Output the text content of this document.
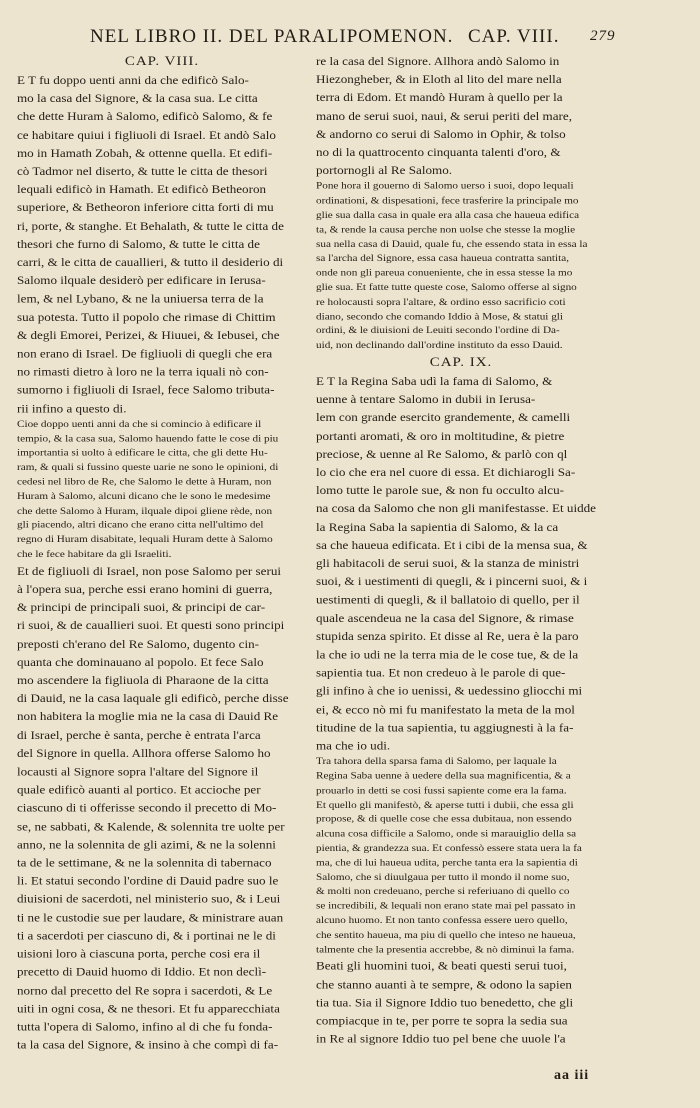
NEL LIBRO II. DEL PARALIPOMENON. CAP. VIII. 279
CAP. VIII.
E T fu doppo uenti anni da che edificò Salo-
mo la casa del Signore, & la casa sua. Le citta
che dette Huram à Salomo, edificò Salomo, & fe
ce habitare quiui i figliuoli di Israel. Et andò Salo
mo in Hamath Zobah, & ottenne quella. Et edifi-
cò Tadmor nel diserto, & tutte le citta de thesori
lequali edificò in Hamath. Et edificò Betheoron
superiore, & Betheoron inferiore citta forti di mu
ri, porte, & stanghe. Et Behalath, & tutte le citta de
thesori che furno di Salomo, & tutte le citta de
carri, & le citta de cauallieri, & tutto il desiderio di
Salomo ilquale desiderò per edificare in Ierusa-
lem, & nel Lybano, & ne la uniuersa terra de la
sua potesta. Tutto il popolo che rimase di Chittim
& degli Emorei, Perizei, & Hiuuei, & Iebusei, che
non erano di Israel. De figliuoli di quegli che era
no rimasti dietro à loro ne la terra iquali nò con-
sumorno i figliuoli di Israel, fece Salomo tributa-
rii infino a questo di.
Cioe doppo uenti anni da che si comincio à edificare il
tempio, & la casa sua, Salomo hauendo fatte le cose di piu
importantia si uolto à edificare le citta, che gli dette Hu-
ram, & quali si fussino queste uarie ne sono le opinioni, di
cedesi nel libro de Re, che Salomo le dette à Huram, non
Huram à Salomo, alcuni dicano che le sono le medesime
che dette Salomo à Huram, ilquale dipoi gliene rède, non
gli piacendo, altri dicano che erano citta nell'ultimo del
regno di Huram disabitate, lequali Huram dette à Salomo
che le fece habitare da gli Israeliti.
Et de figliuoli di Israel, non pose Salomo per serui
à l'opera sua, perche essi erano homini di guerra,
& principi de principali suoi, & principi de car-
ri suoi, & de cauallieri suoi. Et questi sono principi
preposti ch'erano del Re Salomo, dugento cin-
quanta che dominauano al popolo. Et fece Salo
mo ascendere la figliuola di Pharaone de la citta
di Dauid, ne la casa laquale gli edificò, perche disse
non habitera la moglie mia ne la casa di Dauid Re
di Israel, perche è santa, perche è entrata l'arca
del Signore in quella. Allhora offerse Salomo ho
locausti al Signore sopra l'altare del Signore il
quale edificò auanti al portico. Et accioche per
ciascuno di ti offerisse secondo il precetto di Mo-
se, ne sabbati, & Kalende, & solennita tre uolte per
anno, ne la solennita de gli azimi, & ne la solenni
ta de le settimane, & ne la solennita di tabernaco
li. Et statui secondo l'ordine di Dauid padre suo le
diuisioni de sacerdoti, nel ministerio suo, & i Leui
ti ne le custodie sue per laudare, & ministrare auan
ti a sacerdoti per ciascuno di, & i portinai ne le di
uisioni loro à ciascuna porta, perche cosi era il
precetto di Dauid huomo di Iddio. Et non declì-
norno dal precetto del Re sopra i sacerdoti, & Le
uiti in ogni cosa, & ne thesori. Et fu apparecchiata
tutta l'opera di Salomo, infino al di che fu fonda-
ta la casa del Signore, & insino à che compì di fa-
re la casa del Signore. Allhora andò Salomo in
Hiezongheber, & in Eloth al lito del mare nella
terra di Edom. Et mandò Huram à quello per la
mano de serui suoi, naui, & serui periti del mare,
& andorno co serui di Salomo in Ophir, & tolso
no di la quattrocento cinquanta talenti d'oro, &
portornogli al Re Salomo.
Pone hora il gouerno di Salomo uerso i suoi, dopo lequali
ordinationi, & dispesationi, fece trasferire la principale mo
glie sua dalla casa in quale era alla casa che haueua edifica
ta, & rende la causa perche non uolse che stesse la moglie
sua nella casa di Dauid, quale fu, che essendo stata in essa la
sa l'archa del Signore, essa casa haueua contratta santita,
onde non gli pareua conueniente, che in essa stesse la mo
glie sua. Et fatte tutte queste cose, Salomo offerse al signo
re holocausti sopra l'altare, & ordino esso sacrificio coti
diano, secondo che comando Iddio à Mose, & statui gli
ordini, & le diuisioni de Leuiti secondo l'ordine di Da-
uid, non declinando dall'ordine instituto da esso Dauid.
CAP. IX.
E T la Regina Saba udì la fama di Salomo, &
uenne à tentare Salomo in dubii in Ierusa-
lem con grande esercito grandemente, & camelli
portanti aromati, & oro in moltitudine, & pietre
preciose, & uenne al Re Salomo, & parlò con ql
lo cio che era nel cuore di essa. Et dichiarogli Sa-
lomo tutte le parole sue, & non fu occulto alcu-
na cosa da Salomo che non gli manifestasse. Et uidde
la Regina Saba la sapientia di Salomo, & la ca
sa che haueua edificata. Et i cibi de la mensa sua, &
gli habitacoli de serui suoi, & la stanza de ministri
suoi, & i uestimenti di quegli, & i pincerni suoi, & i
uestimenti di quegli, & il ballatoio di quello, per il
quale ascendeua ne la casa del Signore, & rimase
stupida senza spirito. Et disse al Re, uera è la paro
la che io udi ne la terra mia de le cose tue, & de la
sapientia tua. Et non credeuo à le parole di que-
gli infino à che io uenissi, & uedessino gliocchi mi
ei, & ecco nò mi fu manifestato la meta de la mol
titudine de la tua sapientia, tu aggiugnesti à la fa-
ma che io udi.
Tra tahora della sparsa fama di Salomo, per laquale la
Regina Saba uenne à uedere della sua magnificentia, & a
prouarlo in detti se cosi fussi sapiente come era la fama.
Et quello gli manifestò, & aperse tutti i dubii, che essa gli
propose, & di quelle cose che essa dubitaua, non essendo
alcuna cosa difficile a Salomo, onde si marauiglio della sa
pientia, & grandezza sua. Et confessò essere stata uera la fa
ma, che di lui haueua udita, perche tanta era la sapientia di
Salomo, che si diuulgaua per tutto il mondo il nome suo,
& molti non credeuano, perche si referiuano di quello co
se incredibili, & lequali non erano state mai pel passato in
alcuno huomo. Et non tanto confessa essere uero quello,
che sentito haueua, ma piu di quello che inteso ne haueua,
talmente che la presentia accrebbe, & nò diminuì la fama.
Beati gli huomini tuoi, & beati questi serui tuoi,
che stanno auanti à te sempre, & odono la sapien
tia tua. Sia il Signore Iddio tuo benedetto, che gli
compiacque in te, per porre te sopra la sedia sua
in Re al signore Iddio tuo pel bene che uuole l'a
aa iii
